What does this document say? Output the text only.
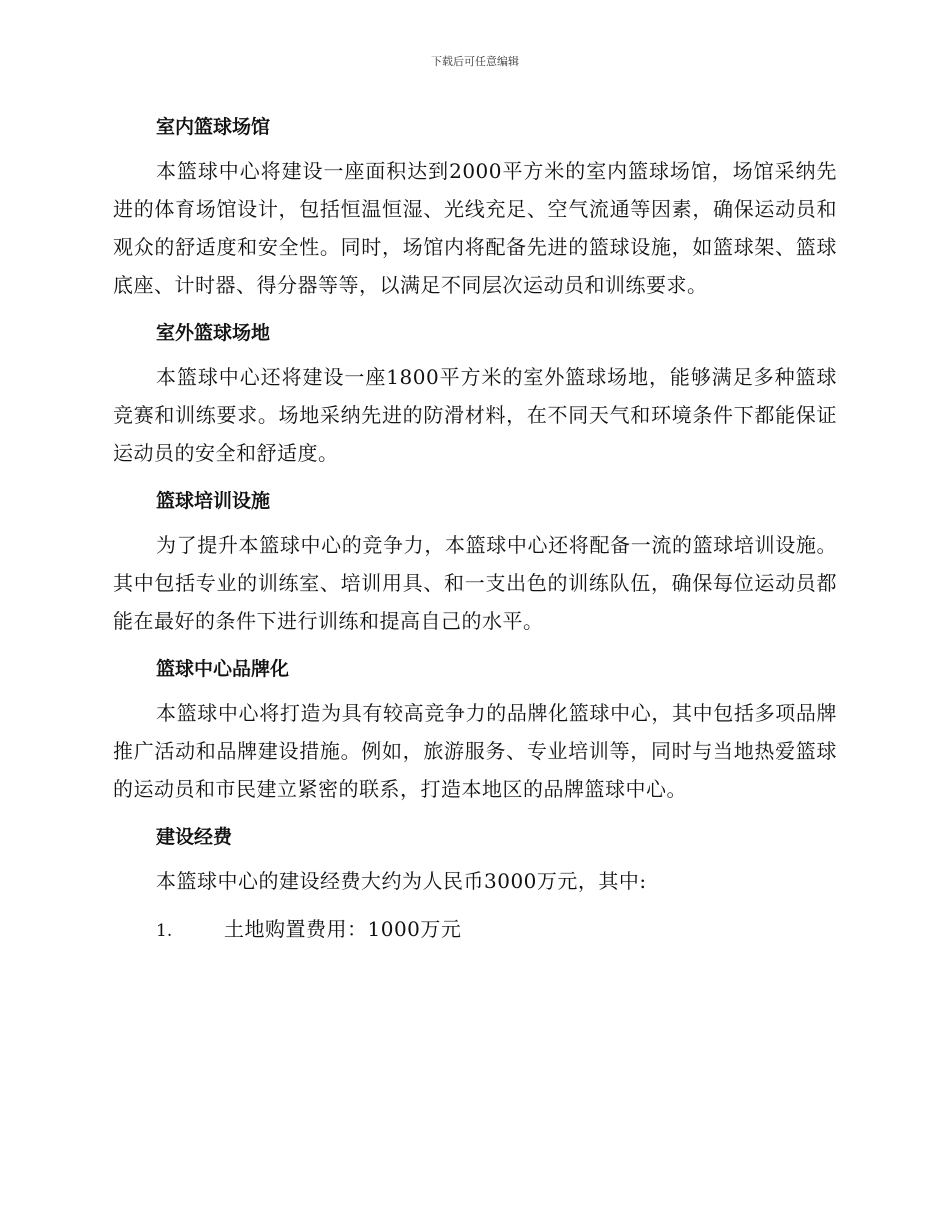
下载后可任意编辑
室内篮球场馆

本篮球中心将建设一座面积达到2000平方米的室内篮球场馆，场馆采纳先进的体育场馆设计，包括恒温恒湿、光线充足、空气流通等因素，确保运动员和观众的舒适度和安全性。同时，场馆内将配备先进的篮球设施，如篮球架、篮球底座、计时器、得分器等等，以满足不同层次运动员和训练要求。

室外篮球场地

本篮球中心还将建设一座1800平方米的室外篮球场地，能够满足多种篮球竞赛和训练要求。场地采纳先进的防滑材料，在不同天气和环境条件下都能保证运动员的安全和舒适度。

篮球培训设施

为了提升本篮球中心的竞争力，本篮球中心还将配备一流的篮球培训设施。其中包括专业的训练室、培训用具、和一支出色的训练队伍，确保每位运动员都能在最好的条件下进行训练和提高自己的水平。

篮球中心品牌化

本篮球中心将打造为具有较高竞争力的品牌化篮球中心，其中包括多项品牌推广活动和品牌建设措施。例如，旅游服务、专业培训等，同时与当地热爱篮球的运动员和市民建立紧密的联系，打造本地区的品牌篮球中心。

建设经费

本篮球中心的建设经费大约为人民币3000万元，其中:

1.	土地购置费用：1000万元
